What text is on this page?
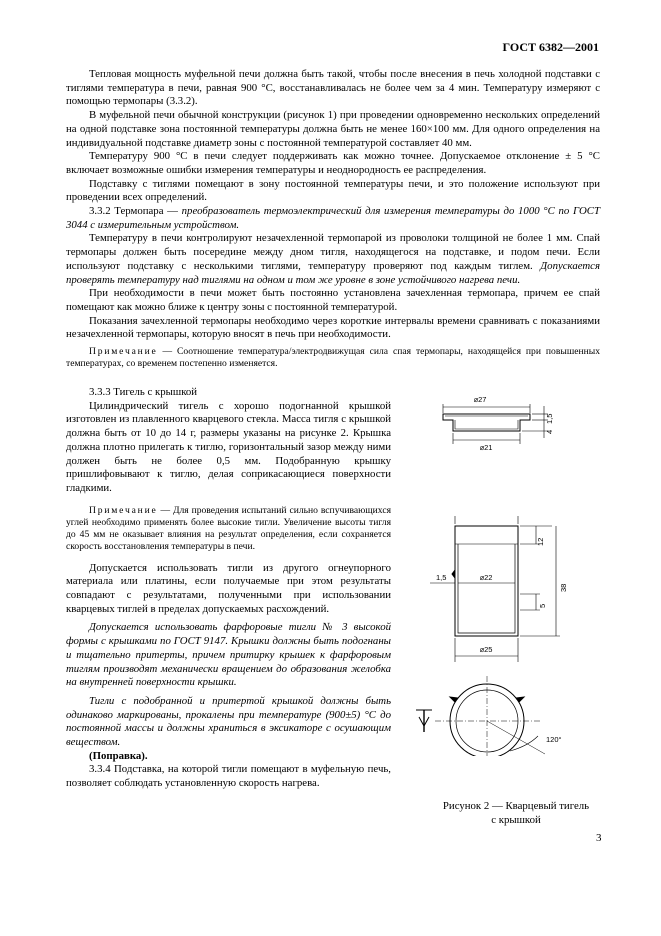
ГОСТ 6382—2001

Тепловая мощность муфельной печи должна быть такой, чтобы после внесения в печь холодной подставки с тиглями температура в печи, равная 900 °C, восстанавливалась не более чем за 4 мин. Температуру измеряют с помощью термопары (3.3.2).

В муфельной печи обычной конструкции (рисунок 1) при проведении одновременно нескольких определений на одной подставке зона постоянной температуры должна быть не менее 160×100 мм. Для одного определения на индивидуальной подставке диаметр зоны с постоянной температурой составляет 40 мм.

Температуру 900 °C в печи следует поддерживать как можно точнее. Допускаемое отклонение ± 5 °C включает возможные ошибки измерения температуры и неоднородность ее распределения.

Подставку с тиглями помещают в зону постоянной температуры печи, и это положение используют при проведении всех определений.

3.3.2 Термопара — преобразователь термоэлектрический для измерения температуры до 1000 °C по ГОСТ 3044 с измерительным устройством.

Температуру в печи контролируют незачехленной термопарой из проволоки толщиной не более 1 мм. Спай термопары должен быть посередине между дном тигля, находящегося на подставке, и подом печи. Если используют подставку с несколькими тиглями, температуру проверяют под каждым тиглем. Допускается проверять температуру над тиглями на одном и том же уровне в зоне устойчивого нагрева печи.

При необходимости в печи может быть постоянно установлена зачехленная термопара, причем ее спай помещают как можно ближе к центру зоны с постоянной температурой.

Показания зачехленной термопары необходимо через короткие интервалы времени сравнивать с показаниями незачехленной термопары, которую вносят в печь при необходимости.

Примечание — Соотношение температура/электродвижущая сила спая термопары, находящейся при повышенных температурах, со временем постепенно изменяется.

3.3.3 Тигель с крышкой

Цилиндрический тигель с хорошо подогнанной крышкой изготовлен из плавленного кварцевого стекла. Масса тигля с крышкой должна быть от 10 до 14 г, размеры указаны на рисунке 2. Крышка должна плотно прилегать к тиглю, горизонтальный зазор между ними должен быть не более 0,5 мм. Подобранную крышку пришлифовывают к тиглю, делая соприкасающиеся поверхности гладкими.

Примечание — Для проведения испытаний сильно вспучивающихся углей необходимо применять более высокие тигли. Увеличение высоты тигля до 45 мм не оказывает влияния на результат определения, если сохраняется скорость восстановления температуры в печи.

Допускается использовать тигли из другого огнеупорного материала или платины, если получаемые при этом результаты совпадают с результатами, полученными при использовании кварцевых тиглей в пределах допускаемых расхождений.

Допускается использовать фарфоровые тигли № 3 высокой формы с крышками по ГОСТ 9147. Крышки должны быть подогнаны и тщательно притерты, причем притирку крышек к фарфоровым тиглям производят механически вращением до образования желобка на внутренней поверхности крышки.

Тигли с подобранной и притертой крышкой должны быть одинаково маркированы, прокалены при температуре (900±5) °C до постоянной массы и должны храниться в эксикаторе с осушающим веществом.

(Поправка).

3.3.4 Подставка, на которой тигли помещают в муфельную печь, позволяет соблюдать установленную скорость нагрева.

⌀27
⌀21
1,5
4
12
38
5
1,5	⌀22
⌀25
120°
Рисунок 2 — Кварцевый тигель
с крышкой
3
